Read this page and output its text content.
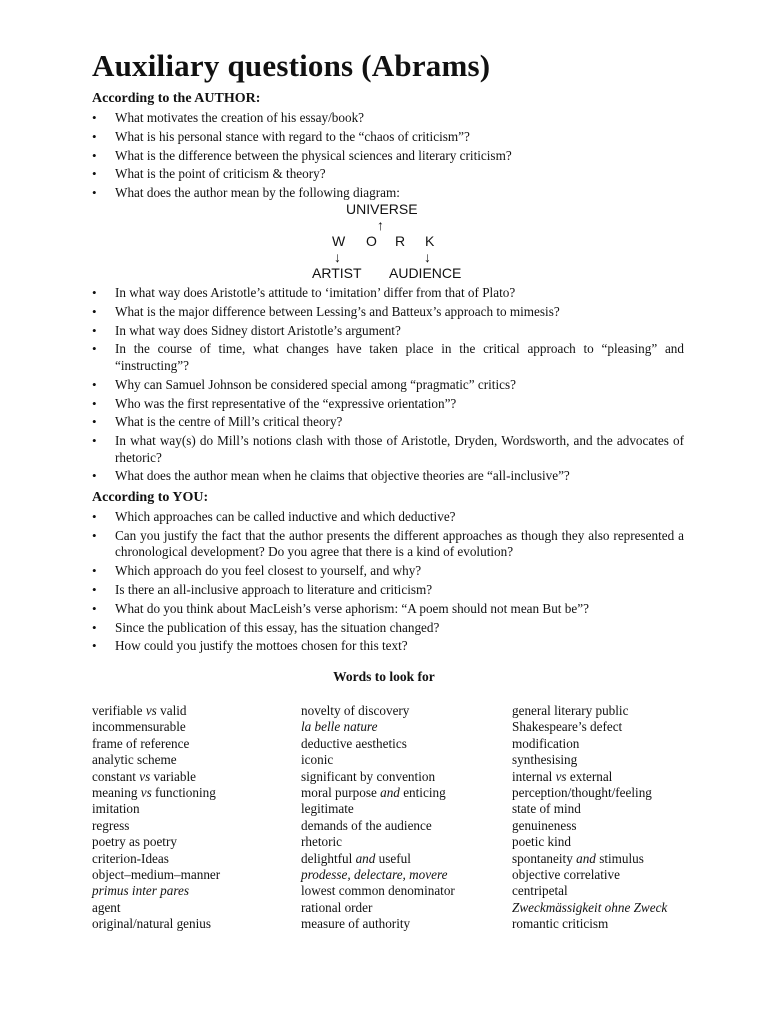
Auxiliary questions (Abrams)
According to the AUTHOR:
• What motivates the creation of his essay/book?
• What is his personal stance with regard to the “chaos of criticism”?
• What is the difference between the physical sciences and literary criticism?
• What is the point of criticism & theory?
• What does the author mean by the following diagram:
UNIVERSE
↑
W O R K
↓	↓
ARTIST AUDIENCE
• In what way does Aristotle’s attitude to ‘imitation’ differ from that of Plato?
• What is the major difference between Lessing’s and Batteux’s approach to mimesis?
• In what way does Sidney distort Aristotle’s argument?
• In the course of time, what changes have taken place in the critical approach to “pleasing” and “instructing”?
• Why can Samuel Johnson be considered special among “pragmatic” critics?
• Who was the first representative of the “expressive orientation”?
• What is the centre of Mill’s critical theory?
• In what way(s) do Mill’s notions clash with those of Aristotle, Dryden, Wordsworth, and the advocates of rhetoric?
• What does the author mean when he claims that objective theories are “all-inclusive”?
According to YOU:
• Which approaches can be called inductive and which deductive?
• Can you justify the fact that the author presents the different approaches as though they also represented a chronological development? Do you agree that there is a kind of evolution?
• Which approach do you feel closest to yourself, and why?
• Is there an all-inclusive approach to literature and criticism?
• What do you think about MacLeish’s verse aphorism: “A poem should not mean But be”?
• Since the publication of this essay, has the situation changed?
• How could you justify the mottoes chosen for this text?
Words to look for
verifiable vs valid
incommensurable
frame of reference
analytic scheme
constant vs variable
meaning vs functioning
imitation
regress
poetry as poetry
criterion-Ideas
object–medium–manner
primus inter pares
agent
original/natural genius
novelty of discovery
la belle nature
deductive aesthetics
iconic
significant by convention
moral purpose and enticing
legitimate
demands of the audience
rhetoric
delightful and useful
prodesse, delectare, movere
lowest common denominator
rational order
measure of authority
general literary public
Shakespeare’s defect
modification
synthesising
internal vs external
perception/thought/feeling
state of mind
genuineness
poetic kind
spontaneity and stimulus
objective correlative
centripetal
Zweckmässigkeit ohne Zweck
romantic criticism
